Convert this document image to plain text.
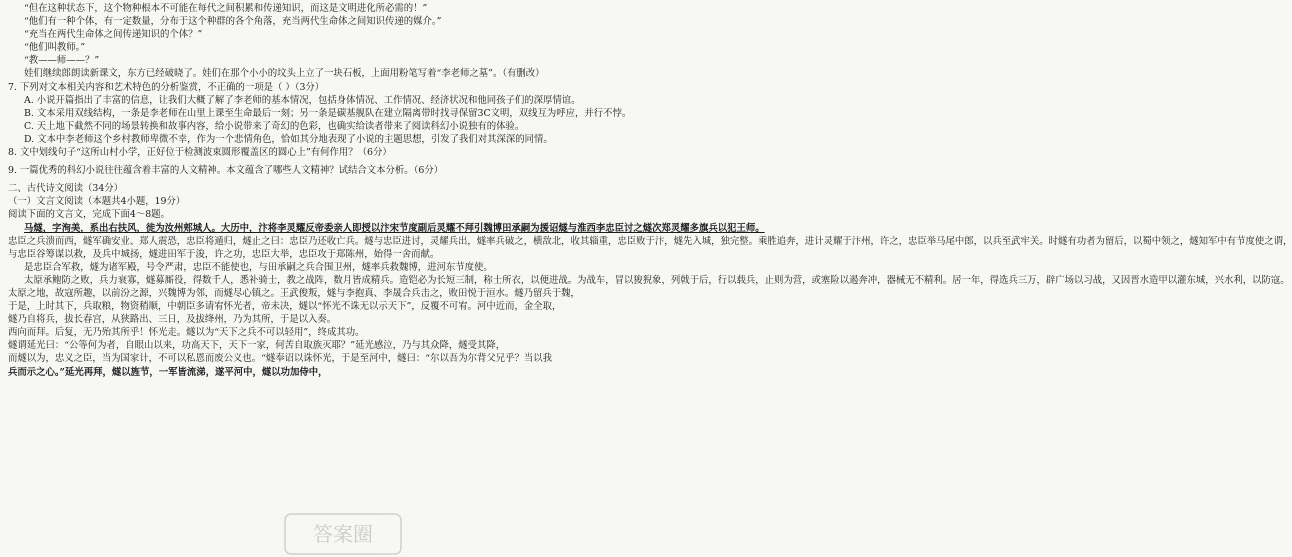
“但在这种状态下，这个物种根本不可能在每代之间积累和传递知识，而这是文明进化所必需的！”
“他们有一种个体，有一定数量，分布于这个种群的各个角落，充当两代生命体之间知识传递的媒介。”
“充当在两代生命体之间传递知识的个体？”
“他们叫教师。”
“教——师——？”
娃们继续郎朗读新课文，东方已经破晓了。娃们在那个小小的坟头上立了一块石板，上面用粉笔写着“李老师之墓”。（有删改）
7. 下列对文本相关内容和艺术特色的分析鉴赏，不正确的一项是（ ）（3分）
A. 小说开篇指出了丰富的信息，让我们大概了解了李老师的基本情况，包括身体情况、工作情况、经济状况和他同孩子们的深厚情谊。
B. 文本采用双线结构，一条是李老师在山里上课至生命最后一刻；另一条是碳基舰队在建立隔离带时找寻保留3C文明，双线互为呼应，并行不悖。
C. 天上地下截然不同的场景转换和故事内容，给小说带来了奇幻的色彩，也确实给读者带来了阅读科幻小说独有的体验。
D. 文本中李老师这个乡村教师卑微不幸，作为一个悲情角色，恰如其分地表现了小说的主题思想，引发了我们对其深深的同情。
8. 文中划线句子“这所山村小学，正好位于检测波束圆形覆盖区的圆心上”有何作用？（6分）
9. 一篇优秀的科幻小说往往蕴含着丰富的人文精神。本文蕴含了哪些人文精神？试结合文本分析。（6分）
二、古代诗文阅读（34分）
（一）文言文阅读（本题共4小题，19分）
阅读下面的文言文，完成下面4～8题。
马燧，字洵美，系出右扶风，徙为汝州郏城人。大历中，汴将李灵耀反帝委亲人即授以汴宋节度副后灵耀不拜引魏博田承嗣为援诏燧与淮西李忠臣讨之燧次郑灵耀多旗兵以犯王师。
忠臣之兵溃而西，燧军确安业、郑人震恐，忠臣将遁归，燧止之曰：忠臣乃还收亡兵。燧与忠臣进讨，灵耀兵出，燧率兵破之，横敌北，收其辎重，忠臣败于汴，燧先入城，独完整。乘胜追奔，进计灵耀于汴州，许之，忠臣举马尾中郎，以兵至武牢关。时燧有功者为留后，以蜀中领之，燧知军中有节度使之谓，
与忠臣谷筹谋以救，及兵中城扬，燧进田军于浚，许之功，忠臣大举，忠臣攻于郑陈州，始得一舍而献。
是忠臣合军救，燧为诸军殿，号令严肃，忠臣不能使也，与田承嗣之兵合围卫州，燧率兵救魏博，进河东节度使。
太原承鲍防之败，兵力衰寡，燧募厮役，得数千人，悉补骑士，教之战阵，数月皆成精兵。造铠必为长短三制，称士所衣，以便进战。为战车，冒以狻猊象，列戟于后，行以载兵，止则为营，或塞险以遏奔冲，器械无不精利。居一年，得选兵三万，辟广场以习战，又因晋水造甲以灌东城，兴水利，以防寇。
太原之地，故寇所趣，以前汾之源，兴魏博为邻，而燧尽心镇之。王武俊叛，燧与李抱真、李晟合兵击之，败田悦于洹水。燧乃留兵于魏，
于是，上时其下，兵取粮，物资稍顺，中朝臣多请宥怀光者，帝未决，燧以“怀光不诛无以示天下”，反覆不可宥。河中近而，金全取，
燧乃自将兵，拔长春宫，从狭路出、三日，及拔绛州，乃为其所，于是以入奏。
西向而拜。后复，无乃殆其所乎！怀光走。燧以为“天下之兵不可以轻用”，终成其功。
燧谓延光曰：“公等何为者，自眼山以来，功高天下，天下一家，何苦自取族灭耶？”延光感泣，乃与其众降，燧受其降，
而燧以为，忠义之臣，当为国家计，不可以私恩而废公义也。“燧奉诏以诛怀光，于是至河中，燧曰：“尔以吾为尔背父兄乎？当以我
兵而示之心。”延光再拜，燧以旌节，一军皆流涕，遂平河中，燧以功加侍中，
答案圈
